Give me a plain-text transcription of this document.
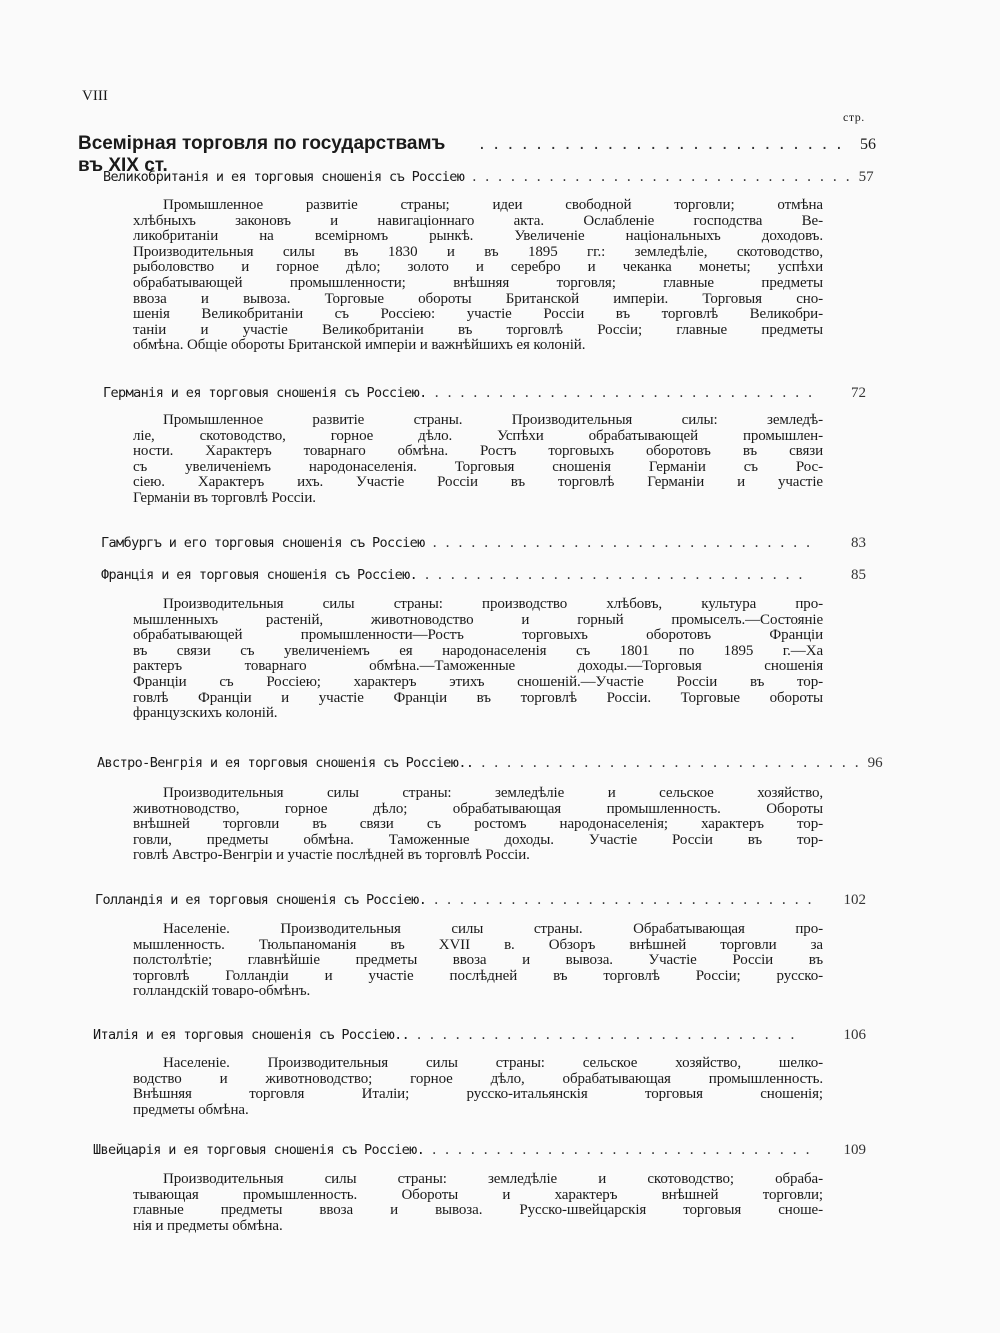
VIII
стр.
Всемірная торговля по государствамъ въ XIX ст.
.......................... 56
Великобританія и ея торговыя сношенія съ Россіею .............................. 57
Промышленное развитіе страны; идеи свободной торговли; отмѣна
хлѣбныхъ законовъ и навигаціоннаго акта. Ослабленіе господства Ве-
ликобританіи на всемірномъ рынкѣ. Увеличеніе національныхъ доходовъ.
Производительныя силы въ 1830 и въ 1895 гг.: земледѣліе, скотоводство,
рыболовство и горное дѣло; золото и серебро и чеканка монеты; успѣхи
обрабатывающей промышленности; внѣшняя торговля; главные предметы
ввоза и вывоза. Торговые обороты Британской имперіи. Торговыя сно-
шенія Великобританіи съ Россіею: участіе Россіи въ торговлѣ Великобри-
таніи и участіе Великобританіи въ торговлѣ Россіи; главные предметы
обмѣна. Общіе обороты Британской имперіи и важнѣйшихъ ея колоній.
Германія и ея торговыя сношенія съ Россіею. ..............................	72
Промышленное развитіе страны. Производительныя силы: земледѣ-
ліе, скотоводство, горное дѣло. Успѣхи обрабатывающей промышлен-
ности. Характеръ товарнаго обмѣна. Ростъ торговыхъ оборотовъ въ связи
съ увеличеніемъ народонаселенія. Торговыя сношенія Германіи съ Рос-
сіею. Характеръ ихъ. Участіе Россіи въ торговлѣ Германіи и участіе
Германіи въ торговлѣ Россіи.
Гамбургъ и его торговыя сношенія съ Россіею ..............................	83
Франція и ея торговыя сношенія съ Россіею. ..............................	85
Производительныя силы страны: производство хлѣбовъ, культура про-
мышленныхъ растеній, животноводство и горный промыселъ.—Состояніе
обрабатывающей промышленности—Ростъ торговыхъ оборотовъ Франціи
въ связи съ увеличеніемъ ея народонаселенія съ 1801 по 1895 г.—Ха
рактеръ товарнаго обмѣна.—Таможенные доходы.—Торговыя сношенія
Франціи съ Россіею; характеръ этихъ сношеній.—Участіе Россіи въ тор-
говлѣ Франціи и участіе Франціи въ торговлѣ Россіи. Торговые обороты
французскихъ колоній.
Австро-Венгрія и ея торговыя сношенія съ Россіею.. .............................. 96
Производительныя силы страны: земледѣліе и сельское хозяйство,
животноводство, горное дѣло; обрабатывающая промышленность. Обороты
внѣшней торговли въ связи съ ростомъ народонаселенія; характеръ тор-
говли, предметы обмѣна. Таможенные доходы. Участіе Россіи въ тор-
говлѣ Австро-Венгріи и участіе послѣдней въ торговлѣ Россіи.
Голландія и ея торговыя сношенія съ Россіею. ..............................	102
Населеніе. Производительныя силы страны. Обрабатывающая про-
мышленность. Тюльпаноманія въ XVII в. Обзоръ внѣшней торговли за
полстолѣтіе; главнѣйшіе предметы ввоза и вывоза. Участіе Россіи въ
торговлѣ Голландіи и участіе послѣдней въ торговлѣ Россіи; русско-
голландскій товаро-обмѣнъ.
Италія и ея торговыя сношенія съ Россіею.. ..............................	106
Населеніе. Производительныя силы страны: сельское хозяйство, шелко-
водство и животноводство; горное дѣло, обрабатывающая промышленность.
Внѣшняя торговля Италіи; русско-итальянскія торговыя сношенія;
предметы обмѣна.
Швейцарія и ея торговыя сношенія съ Россіею. ..............................	109
Производительныя силы страны: земледѣліе и скотоводство; обраба-
тывающая промышленность. Обороты и характеръ внѣшней торговли;
главные предметы ввоза и вывоза. Русско-швейцарскія торговыя сноше-
нія и предметы обмѣна.
